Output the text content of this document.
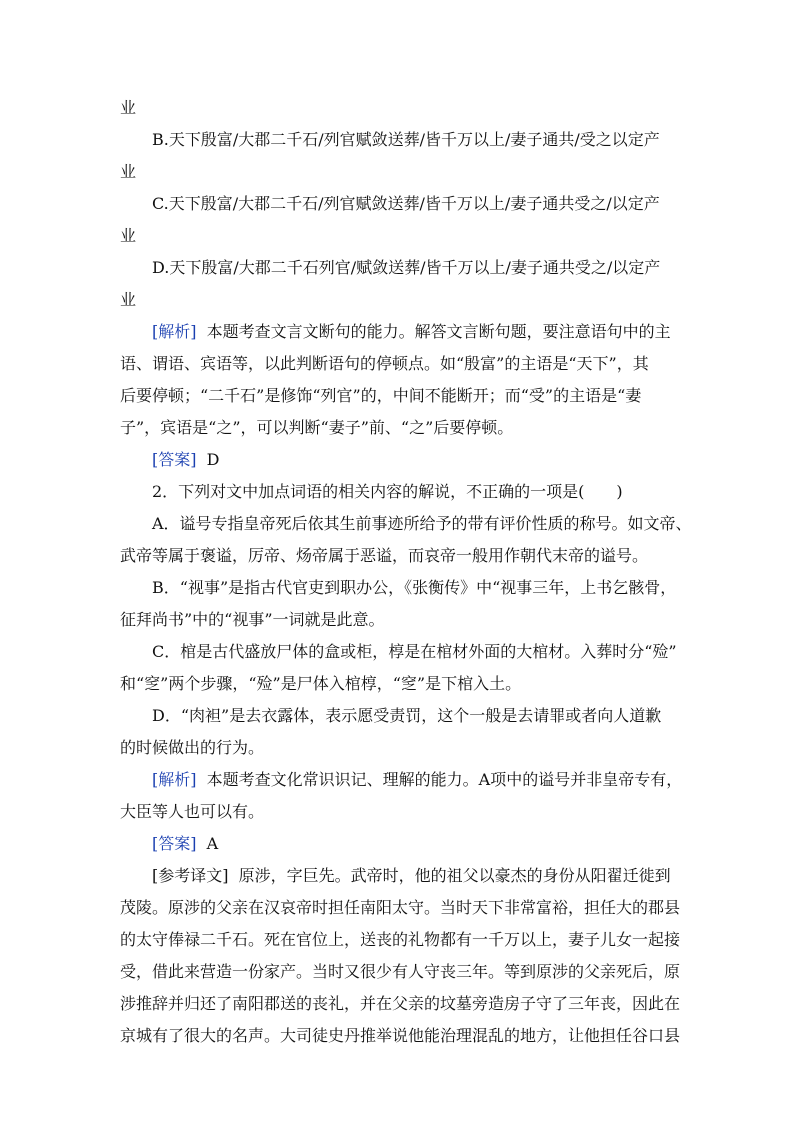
业
B.天下殷富/大郡二千石/列官赋敛送葬/皆千万以上/妻子通共/受之以定产
业
C.天下殷富/大郡二千石/列官赋敛送葬/皆千万以上/妻子通共受之/以定产
业
D.天下殷富/大郡二千石列官/赋敛送葬/皆千万以上/妻子通共受之/以定产
业
[解析] 本题考查文言文断句的能力。解答文言断句题，要注意语句中的主
语、谓语、宾语等，以此判断语句的停顿点。如“殷富”的主语是“天下”，其
后要停顿；“二千石”是修饰“列官”的，中间不能断开；而“受”的主语是“妻
子”，宾语是“之”，可以判断“妻子”前、“之”后要停顿。
[答案] D
2．下列对文中加点词语的相关内容的解说，不正确的一项是(　　)
A．谥号专指皇帝死后依其生前事迹所给予的带有评价性质的称号。如文帝、
武帝等属于褒谥，厉帝、炀帝属于恶谥，而哀帝一般用作朝代末帝的谥号。
B．“视事”是指古代官吏到职办公，《张衡传》中“视事三年，上书乞骸骨，
征拜尚书”中的“视事”一词就是此意。
C．棺是古代盛放尸体的盒或柜，椁是在棺材外面的大棺材。入葬时分“殓”
和“窆”两个步骤，“殓”是尸体入棺椁，“窆”是下棺入土。
D．“肉袒”是去衣露体，表示愿受责罚，这个一般是去请罪或者向人道歉
的时候做出的行为。
[解析] 本题考查文化常识识记、理解的能力。A项中的谥号并非皇帝专有，
大臣等人也可以有。
[答案] A
[参考译文] 原涉，字巨先。武帝时，他的祖父以豪杰的身份从阳翟迁徙到
茂陵。原涉的父亲在汉哀帝时担任南阳太守。当时天下非常富裕，担任大的郡县
的太守俸禄二千石。死在官位上，送丧的礼物都有一千万以上，妻子儿女一起接
受，借此来营造一份家产。当时又很少有人守丧三年。等到原涉的父亲死后，原
涉推辞并归还了南阳郡送的丧礼，并在父亲的坟墓旁造房子守了三年丧，因此在
京城有了很大的名声。大司徒史丹推举说他能治理混乱的地方，让他担任谷口县
